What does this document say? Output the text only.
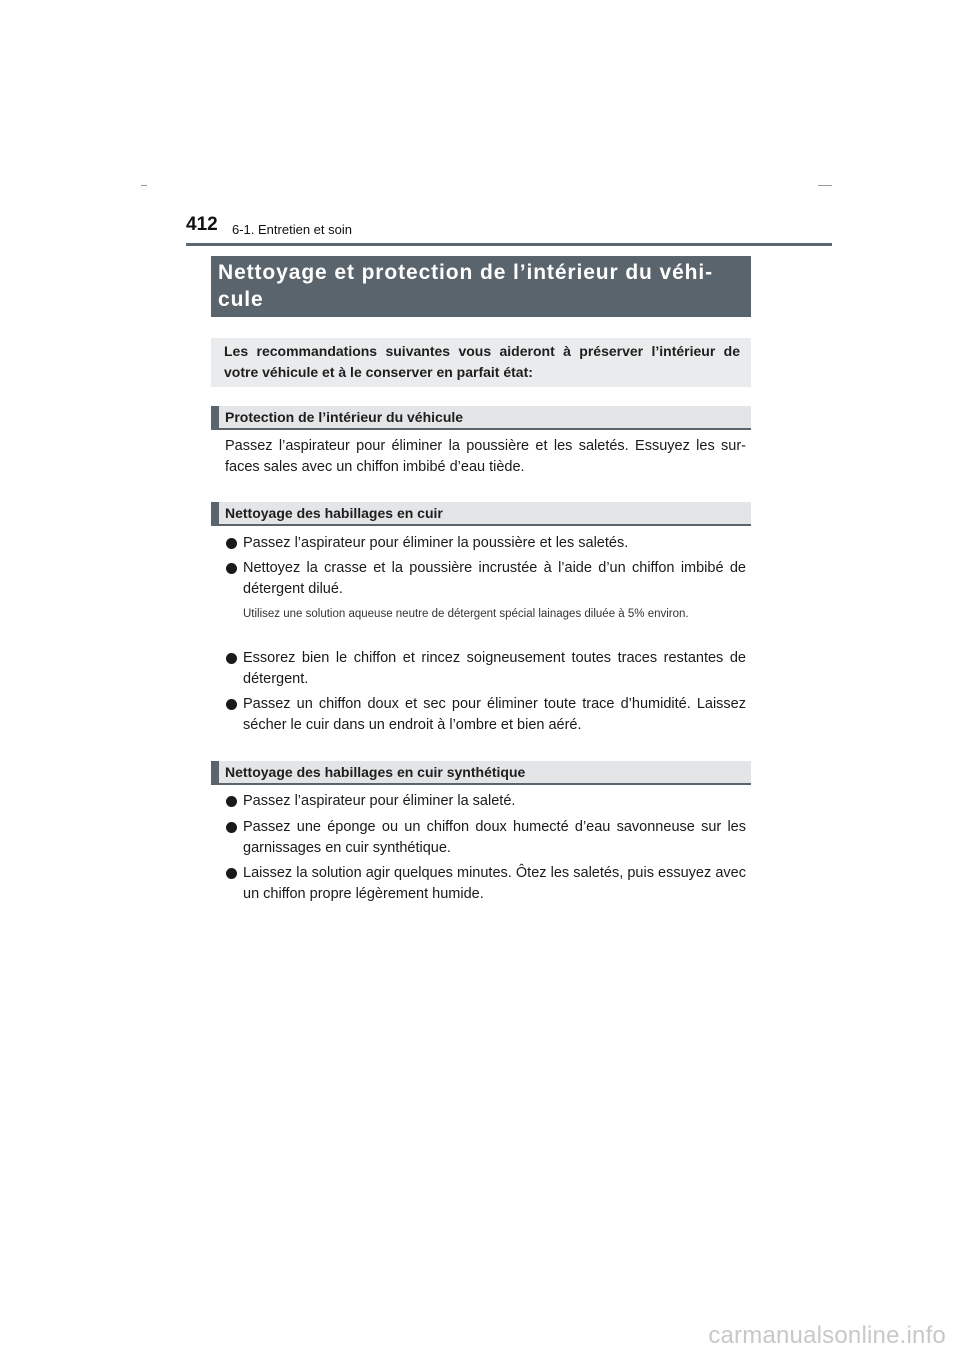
412 6-1. Entretien et soin
Nettoyage et protection de l’intérieur du véhi-
cule
Les recommandations suivantes vous aideront à préserver l’intérieur de votre véhicule et à le conserver en parfait état:
Protection de l’intérieur du véhicule
Passez l’aspirateur pour éliminer la poussière et les saletés. Essuyez les sur-faces sales avec un chiffon imbibé d’eau tiède.
Nettoyage des habillages en cuir
Passez l’aspirateur pour éliminer la poussière et les saletés.
Nettoyez la crasse et la poussière incrustée à l’aide d’un chiffon imbibé de détergent dilué.
Utilisez une solution aqueuse neutre de détergent spécial lainages diluée à 5% environ.
Essorez bien le chiffon et rincez soigneusement toutes traces restantes de détergent.
Passez un chiffon doux et sec pour éliminer toute trace d’humidité. Laissez sécher le cuir dans un endroit à l’ombre et bien aéré.
Nettoyage des habillages en cuir synthétique
Passez l’aspirateur pour éliminer la saleté.
Passez une éponge ou un chiffon doux humecté d’eau savonneuse sur les garnissages en cuir synthétique.
Laissez la solution agir quelques minutes. Ôtez les saletés, puis essuyez avec un chiffon propre légèrement humide.
carmanualsonline.info
